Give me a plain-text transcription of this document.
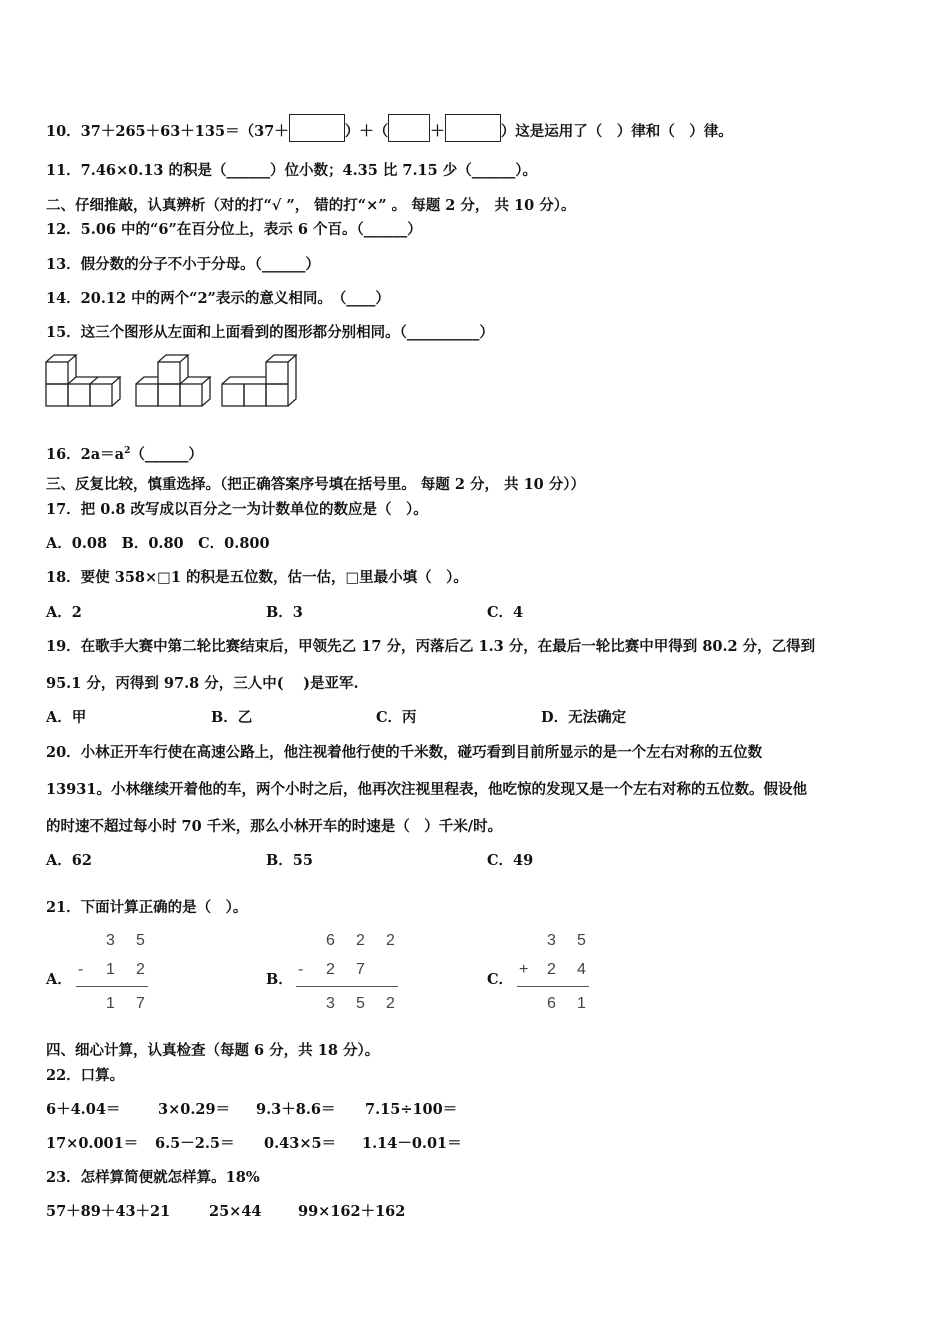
10．37＋265＋63＋135＝（37＋	）＋（	＋	）这是运用了（　）律和（　）律。
11．7.46×0.13 的积是（______）位小数；4.35 比 7.15 少（______）。
二、仔细推敲，认真辨析（对的打“√ ”， 错的打“×” 。 每题 2 分， 共 10 分）。
12．5.06 中的“6”在百分位上，表示 6 个百。（______）
13．假分数的分子不小于分母。（______）
14．20.12 中的两个“2”表示的意义相同。　（____）
15．这三个图形从左面和上面看到的图形都分别相同。（__________）
16．$2a=a^2(\_\_\_\_\_\_)$
三、反复比较，慎重选择。（把正确答案序号填在括号里。 每题 2 分， 共 10 分））
17．把 0.8 改写成以百分之一为计数单位的数应是（　）。
A．0.08　B．0.80　C．0.800
18．要使 358×□1 的积是五位数，估一估，□里最小填（　）。
A．2	B．3	C．4
19．在歌手大赛中第二轮比赛结束后，甲领先乙 17 分，丙落后乙 1.3 分，在最后一轮比赛中甲得到 80.2 分，乙得到
95.1 分，丙得到 97.8 分，三人中(　 )是亚军.
A．甲	B．乙	C．丙	D．无法确定
20．小林正开车行使在高速公路上，他注视着他行使的千米数，碰巧看到目前所显示的是一个左右对称的五位数
13931。小林继续开着他的车，两个小时之后，他再次注视里程表，他吃惊的发现又是一个左右对称的五位数。假设他
的时速不超过每小时 70 千米，那么小林开车的时速是（　）千米/时。
A．62	B．55	C．49
21．下面计算正确的是（　）。
A．
3 5
- 1 2
1 7
B．
6 2 2
- 2 7
3 5 2
C．
3 5
+ 2 4
6 1
四、细心计算，认真检查（每题 6 分，共 18 分）。
22．口算。
6＋4.04＝	3×0.29＝ 9.3＋8.6＝ 7.15÷100＝
17×0.001＝ 6.5－2.5＝ 0.43×5＝ 1.14－0.01＝
23．怎样算简便就怎样算。18%
57＋89＋43＋21	25×44	99×162＋162
